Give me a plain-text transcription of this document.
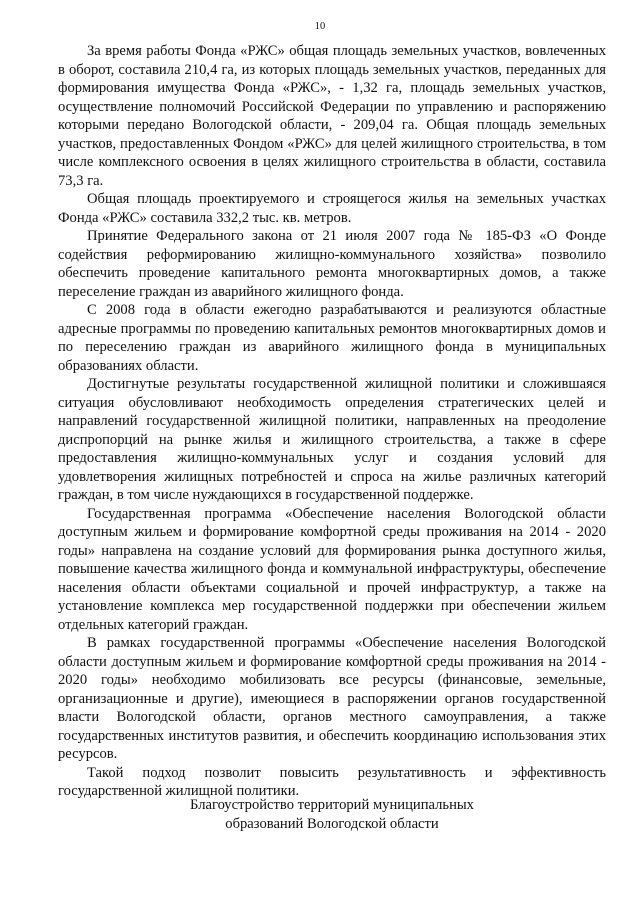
10

За время работы Фонда «РЖС» общая площадь земельных участков, вовлеченных в оборот, составила 210,4 га, из которых площадь земельных участков, переданных для формирования имущества Фонда «РЖС», - 1,32 га, площадь земельных участков, осуществление полномочий Российской Федерации по управлению и распоряжению которыми передано Вологодской области, - 209,04 га. Общая площадь земельных участков, предоставленных Фондом «РЖС» для целей жилищного строительства, в том числе комплексного освоения в целях жилищного строительства в области, составила 73,3 га.

Общая площадь проектируемого и строящегося жилья на земельных участках Фонда «РЖС» составила 332,2 тыс. кв. метров.

Принятие Федерального закона от 21 июля 2007 года № 185-ФЗ «О Фонде содействия реформированию жилищно-коммунального хозяйства» позволило обеспечить проведение капитального ремонта многоквартирных домов, а также переселение граждан из аварийного жилищного фонда.

С 2008 года в области ежегодно разрабатываются и реализуются областные адресные программы по проведению капитальных ремонтов многоквартирных домов и по переселению граждан из аварийного жилищного фонда в муниципальных образованиях области.

Достигнутые результаты государственной жилищной политики и сложившаяся ситуация обусловливают необходимость определения стратегических целей и направлений государственной жилищной политики, направленных на преодоление диспропорций на рынке жилья и жилищного строительства, а также в сфере предоставления жилищно-коммунальных услуг и создания условий для удовлетворения жилищных потребностей и спроса на жилье различных категорий граждан, в том числе нуждающихся в государственной поддержке.

Государственная программа «Обеспечение населения Вологодской области доступным жильем и формирование комфортной среды проживания на 2014 - 2020 годы» направлена на создание условий для формирования рынка доступного жилья, повышение качества жилищного фонда и коммунальной инфраструктуры, обеспечение населения области объектами социальной и прочей инфраструктур, а также на установление комплекса мер государственной поддержки при обеспечении жильем отдельных категорий граждан.

В рамках государственной программы «Обеспечение населения Вологодской области доступным жильем и формирование комфортной среды проживания на 2014 - 2020 годы» необходимо мобилизовать все ресурсы (финансовые, земельные, организационные и другие), имеющиеся в распоряжении органов государственной власти Вологодской области, органов местного самоуправления, а также государственных институтов развития, и обеспечить координацию использования этих ресурсов.

Такой подход позволит повысить результативность и эффективность государственной жилищной политики.

Благоустройство территорий муниципальных
образований Вологодской области
